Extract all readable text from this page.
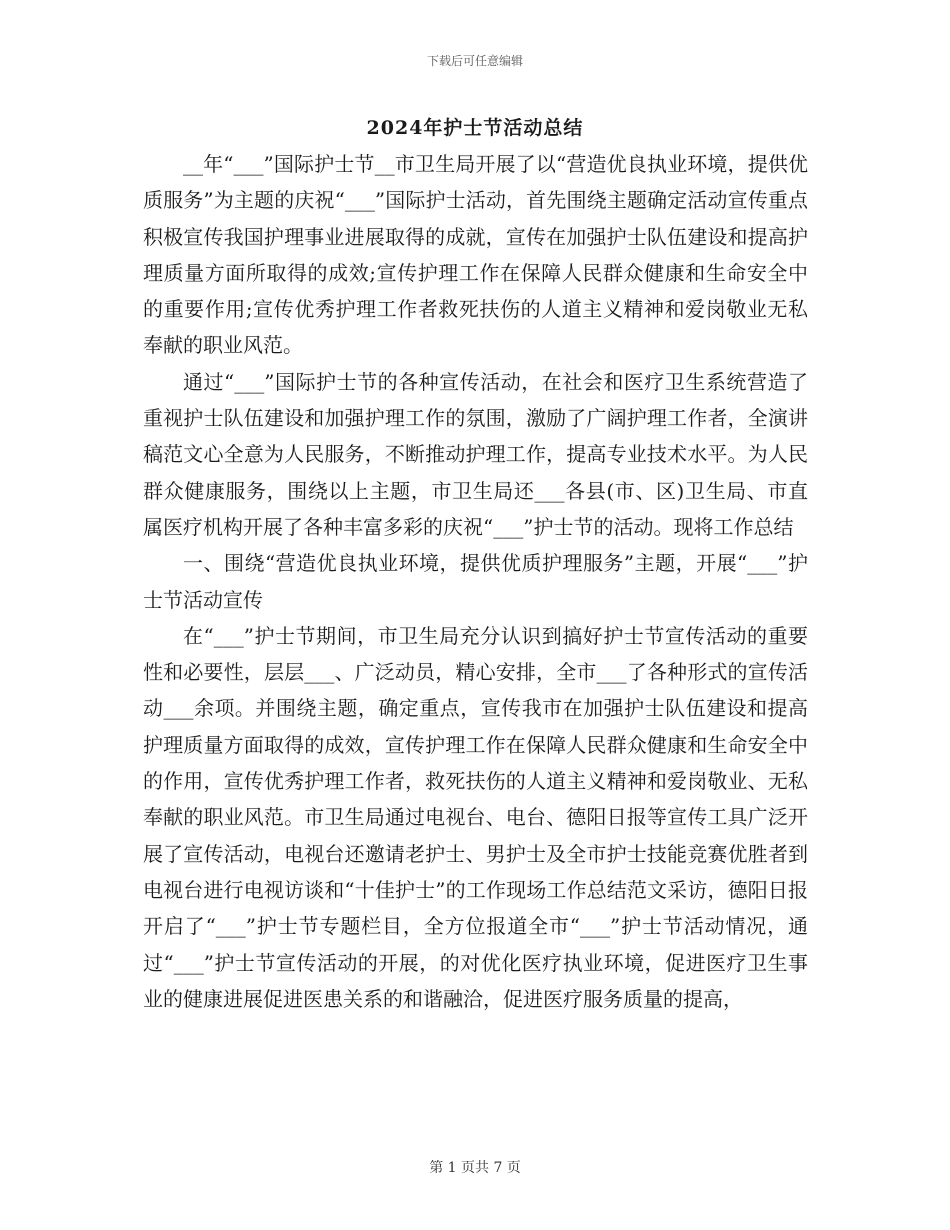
下载后可任意编辑
2024年护士节活动总结

__年“___”国际护士节__市卫生局开展了以“营造优良执业环境，提供优质服务”为主题的庆祝“___”国际护士活动，首先围绕主题确定活动宣传重点积极宣传我国护理事业进展取得的成就，宣传在加强护士队伍建设和提高护理质量方面所取得的成效;宣传护理工作在保障人民群众健康和生命安全中的重要作用;宣传优秀护理工作者救死扶伤的人道主义精神和爱岗敬业无私奉献的职业风范。

通过“___”国际护士节的各种宣传活动，在社会和医疗卫生系统营造了重视护士队伍建设和加强护理工作的氛围，激励了广阔护理工作者，全演讲稿范文心全意为人民服务，不断推动护理工作，提高专业技术水平。为人民群众健康服务，围绕以上主题，市卫生局还___各县(市、区)卫生局、市直属医疗机构开展了各种丰富多彩的庆祝“___”护士节的活动。现将工作总结

一、围绕“营造优良执业环境，提供优质护理服务”主题，开展“___”护士节活动宣传

在“___”护士节期间，市卫生局充分认识到搞好护士节宣传活动的重要性和必要性，层层___、广泛动员，精心安排，全市___了各种形式的宣传活动___余项。并围绕主题，确定重点，宣传我市在加强护士队伍建设和提高护理质量方面取得的成效，宣传护理工作在保障人民群众健康和生命安全中的作用，宣传优秀护理工作者，救死扶伤的人道主义精神和爱岗敬业、无私奉献的职业风范。市卫生局通过电视台、电台、德阳日报等宣传工具广泛开展了宣传活动，电视台还邀请老护士、男护士及全市护士技能竞赛优胜者到电视台进行电视访谈和“十佳护士”的工作现场工作总结范文采访，德阳日报开启了“___”护士节专题栏目，全方位报道全市“___”护士节活动情况，通过“___”护士节宣传活动的开展，的对优化医疗执业环境，促进医疗卫生事业的健康进展促进医患关系的和谐融洽，促进医疗服务质量的提高，

第 1 页共 7 页
